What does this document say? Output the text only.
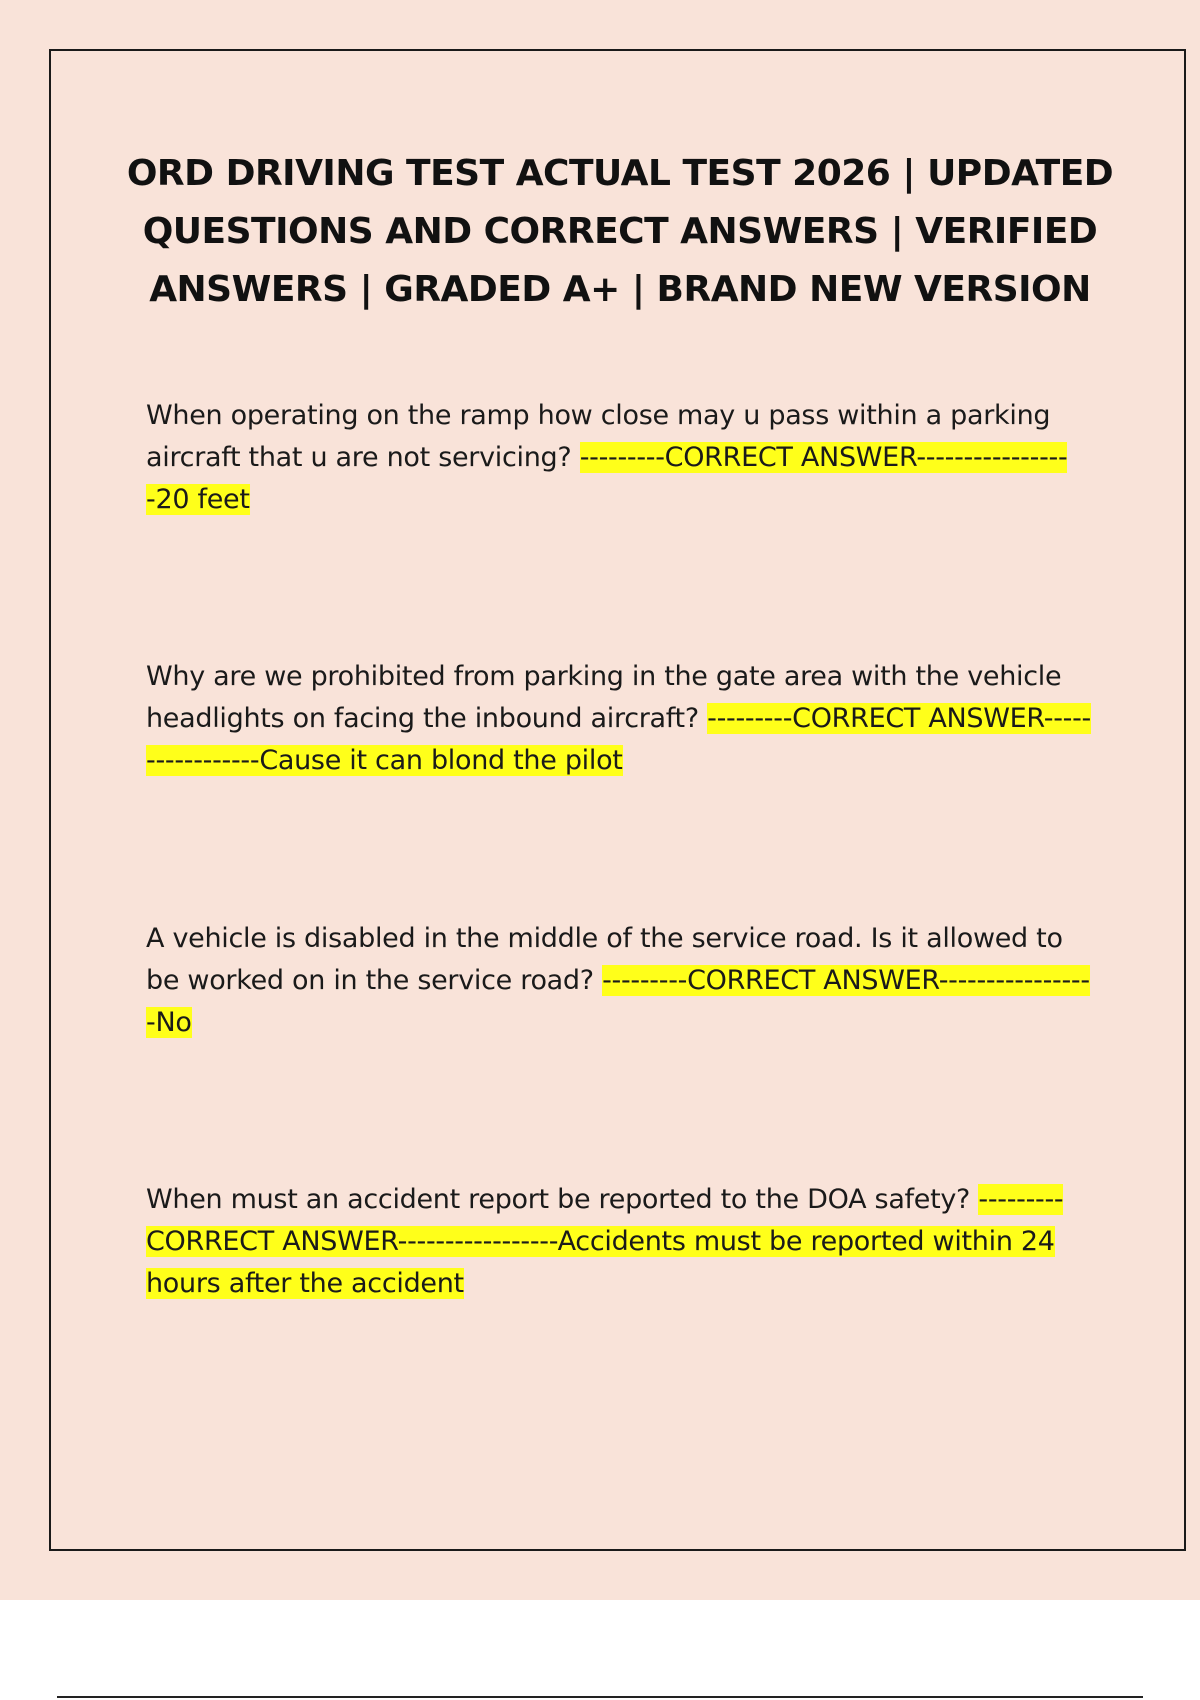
ORD DRIVING TEST ACTUAL TEST 2026 | UPDATED QUESTIONS AND CORRECT ANSWERS | VERIFIED ANSWERS | GRADED A+ | BRAND NEW VERSION

When operating on the ramp how close may u pass within a parking aircraft that u are not servicing? ---------CORRECT ANSWER-----------------20 feet

Why are we prohibited from parking in the gate area with the vehicle headlights on facing the inbound aircraft? ---------CORRECT ANSWER-----------------Cause it can blond the pilot

A vehicle is disabled in the middle of the service road. Is it allowed to be worked on in the service road? ---------CORRECT ANSWER-----------------No

When must an accident report be reported to the DOA safety? ---------CORRECT ANSWER-----------------Accidents must be reported within 24 hours after the accident
